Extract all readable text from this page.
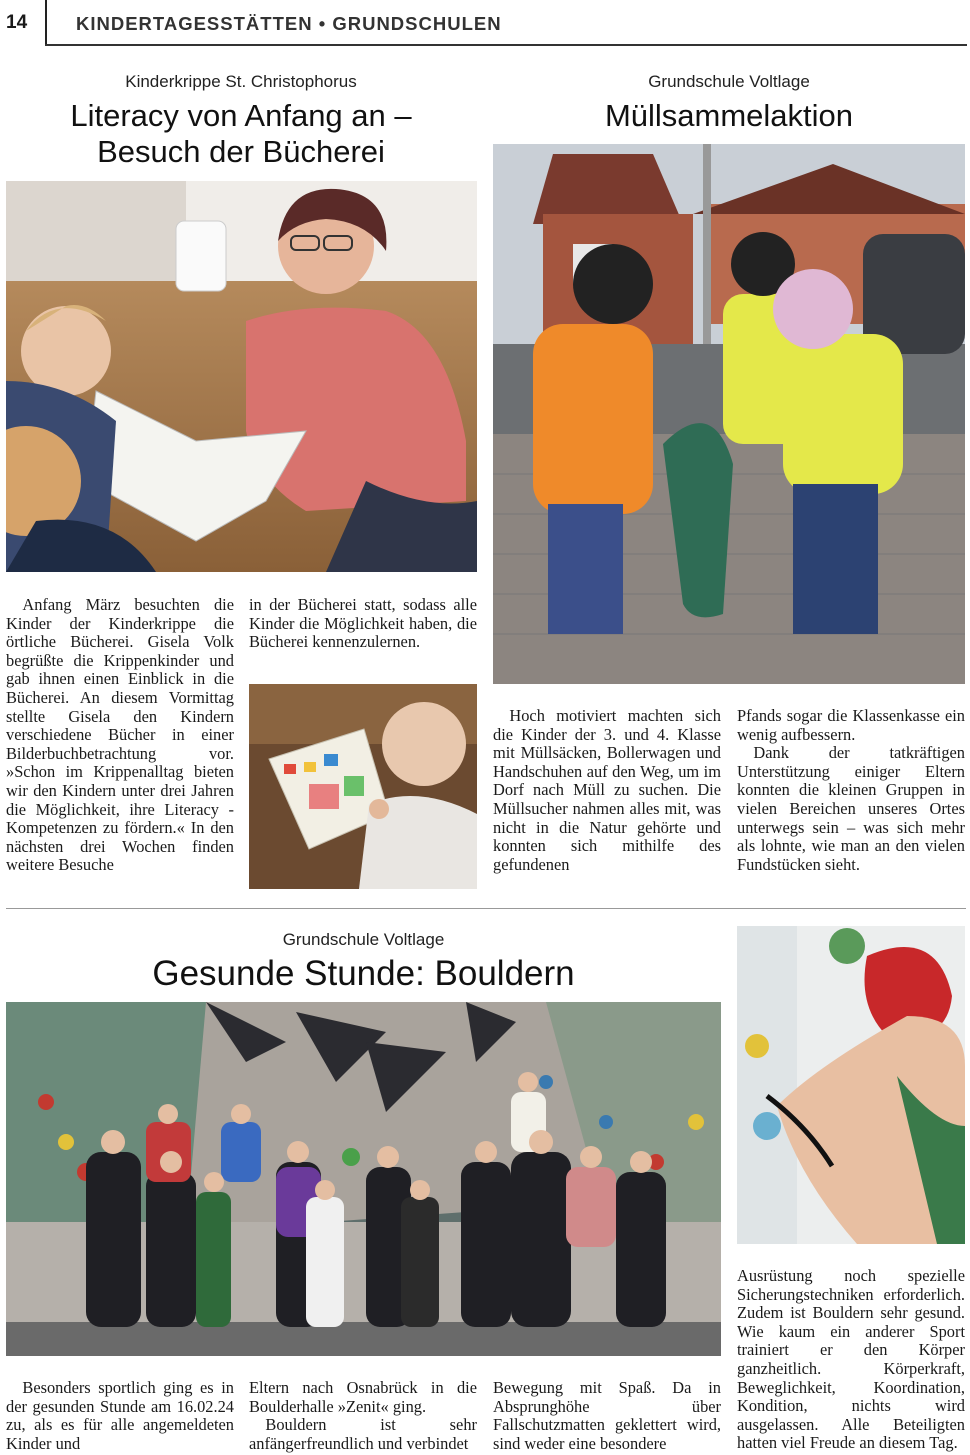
14	KINDERTAGESSTÄTTEN • GRUNDSCHULEN
Kinderkrippe St. Christophorus
Literacy von Anfang an –
Besuch der Bücherei
Anfang März besuchten die Kinder der Kinderkrippe die örtliche Bücherei. Gisela Volk begrüßte die Krippenkinder und gab ihnen einen Einblick in die Bücherei. An diesem Vormittag stellte Gisela den Kindern verschiedene Bücher in einer Bilderbuchbetrachtung vor. »Schon im Krippenalltag bieten wir den Kindern unter drei Jahren die Möglichkeit, ihre Literacy - Kompetenzen zu fördern.« In den nächsten drei Wochen finden weitere Besuche
in der Bücherei statt, sodass alle Kinder die Möglichkeit haben, die Bücherei kennenzulernen.
Grundschule Voltlage
Müllsammelaktion
Hoch motiviert machten sich die Kinder der 3. und 4. Klasse mit Müllsäcken, Bollerwagen und Handschuhen auf den Weg, um im Dorf nach Müll zu suchen. Die Müllsucher nahmen alles mit, was nicht in die Natur gehörte und konnten sich mithilfe des gefundenen
Pfands sogar die Klassenkasse ein wenig aufbessern.
Dank der tatkräftigen Unterstützung einiger Eltern konnten die kleinen Gruppen in vielen Bereichen unseres Ortes unterwegs sein – was sich mehr als lohnte, wie man an den vielen Fundstücken sieht.
Grundschule Voltlage
Gesunde Stunde: Bouldern
Besonders sportlich ging es in der gesunden Stunde am 16.02.24 zu, als es für alle angemeldeten Kinder und
Eltern nach Osnabrück in die Boulderhalle »Zenit« ging.
Bouldern ist sehr anfängerfreundlich und verbindet
Bewegung mit Spaß. Da in Absprunghöhe über Fallschutzmatten geklettert wird, sind weder eine besondere
Ausrüstung noch spezielle Sicherungstechniken erforderlich. Zudem ist Bouldern sehr gesund. Wie kaum ein anderer Sport trainiert er den Körper ganzheitlich. Körperkraft, Beweglichkeit, Koordination, Kondition, nichts wird ausgelassen. Alle Beteiligten hatten viel Freude an diesem Tag.
